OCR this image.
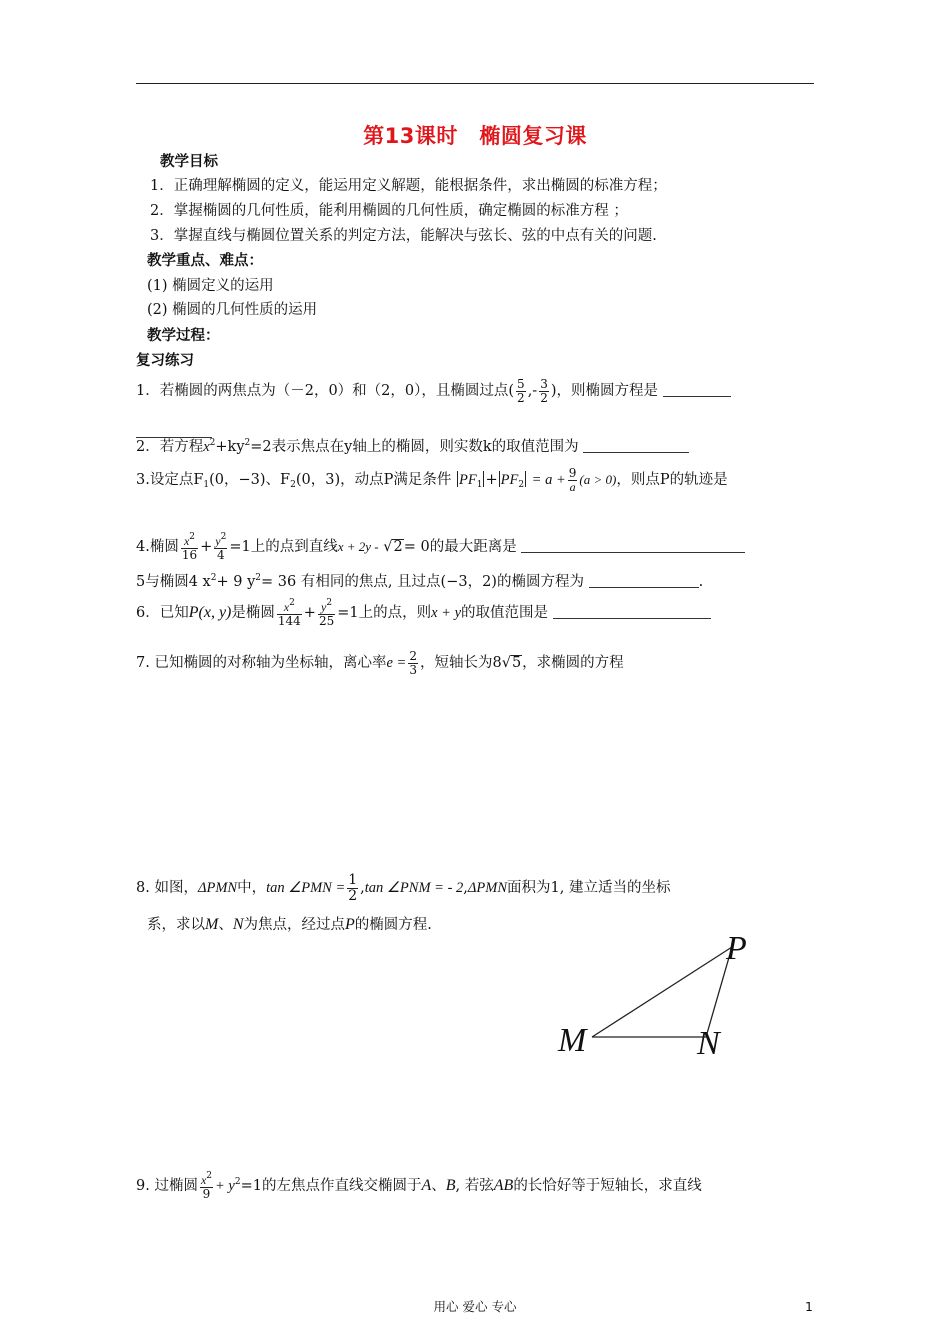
第13课时　椭圆复习课
教学目标
1．正确理解椭圆的定义，能运用定义解题，能根据条件，求出椭圆的标准方程；
2．掌握椭圆的几何性质，能利用椭圆的几何性质，确定椭圆的标准方程 ；
3．掌握直线与椭圆位置关系的判定方法，能解决与弦长、弦的中点有关的问题.
教学重点、难点：
(1) 椭圆定义的运用
(2) 椭圆的几何性质的运用
教学过程：
复习练习
1．若椭圆的两焦点为（－2，0）和（2，0），且椭圆过点( $\frac{5}{2}$ ,- $\frac{3}{2}$ )，则椭圆方程是
2．若方程$x^2+ky^2=2$表示焦点在y轴上的椭圆，则实数k的取值范围为
3.设定点$F_1(0$，−3)、$F_2(0$，3)，动点P满足条件 $PF_1 + PF_2 = a + \frac{9}{a} (a > 0)$，则点P的轨迹是
4.椭圆 $\frac{x^2}{16} + \frac{y^2}{4} =1$上的点到直线x + 2y - √2= 0的最大距离是
5与椭圆4 $x^2+ 9$ $y^2= 36$ 有相同的焦点, 且过点(−3，2)的椭圆方程为	.
6．已知P(x, y)是椭圆 $\frac{x^2}{144} + \frac{y^2}{25} =1$上的点，则x + y的取值范围是
7. 已知椭圆的对称轴为坐标轴，离心率$e = \frac{2}{3}$ ，短轴长为8√5，求椭圆的方程
8. 如图，ΔPMN中，tan ∠PMN = $\frac{1}{2} ,\tan$ ∠PNM = - 2,ΔPMN面积为1, 建立适当的坐标
系，求以M、N为焦点，经过点P的椭圆方程.
P
M	N
9. 过椭圆 $\frac{x^2}{9} + y^2=1$的左焦点作直线交椭圆于A、B, 若弦AB的长恰好等于短轴长，求直线
用心 爱心 专心	1
